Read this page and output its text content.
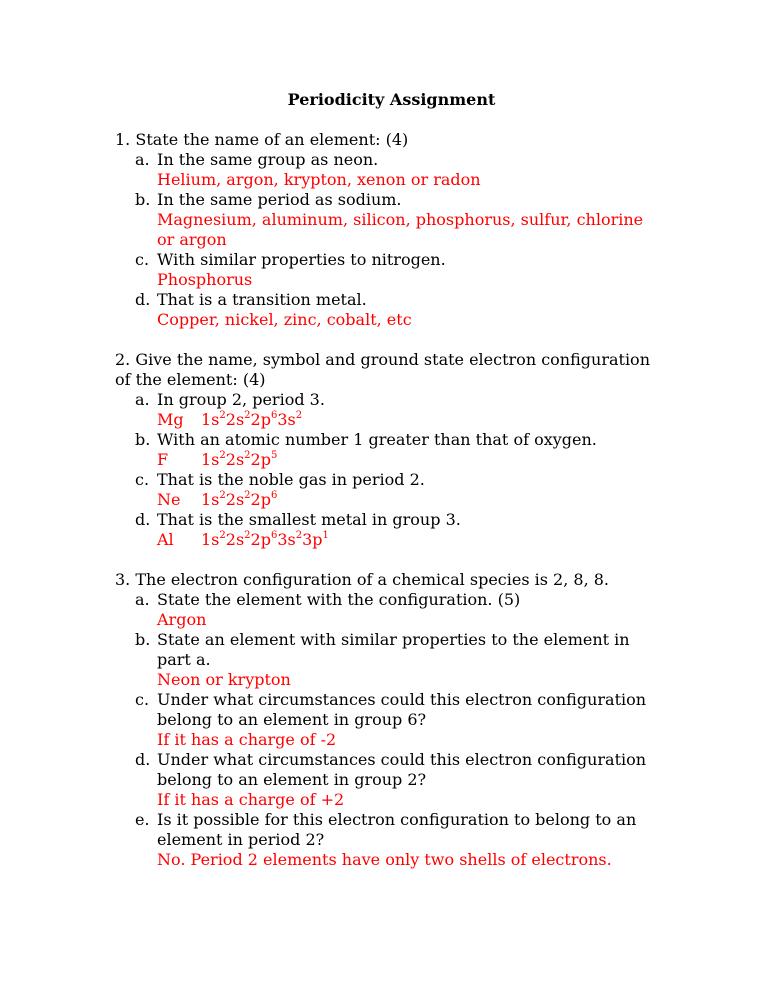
Periodicity Assignment

1. State the name of an element: (4)

a. In the same group as neon.
Helium, argon, krypton, xenon or radon
b. In the same period as sodium.
Magnesium, aluminum, silicon, phosphorus, sulfur, chlorine or argon
c. With similar properties to nitrogen.
Phosphorus
d. That is a transition metal.
Copper, nickel, zinc, cobalt, etc

2. Give the name, symbol and ground state electron configuration of the element: (4)

a. In group 2, period 3.
Mg $1s^22s^22p^63s^2$
b. With an atomic number 1 greater than that of oxygen.
F $1s^22s^22p^5$
c. That is the noble gas in period 2.
Ne $1s^22s^22p^6$
d. That is the smallest metal in group 3.
Al $1s^22s^22p^63s^23p^1$

3. The electron configuration of a chemical species is 2, 8, 8.

a. State the element with the configuration. (5)
Argon
b. State an element with similar properties to the element in part a.
Neon or krypton
c. Under what circumstances could this electron configuration belong to an element in group 6?
If it has a charge of -2
d. Under what circumstances could this electron configuration belong to an element in group 2?
If it has a charge of +2
e. Is it possible for this electron configuration to belong to an element in period 2?
No. Period 2 elements have only two shells of electrons.
